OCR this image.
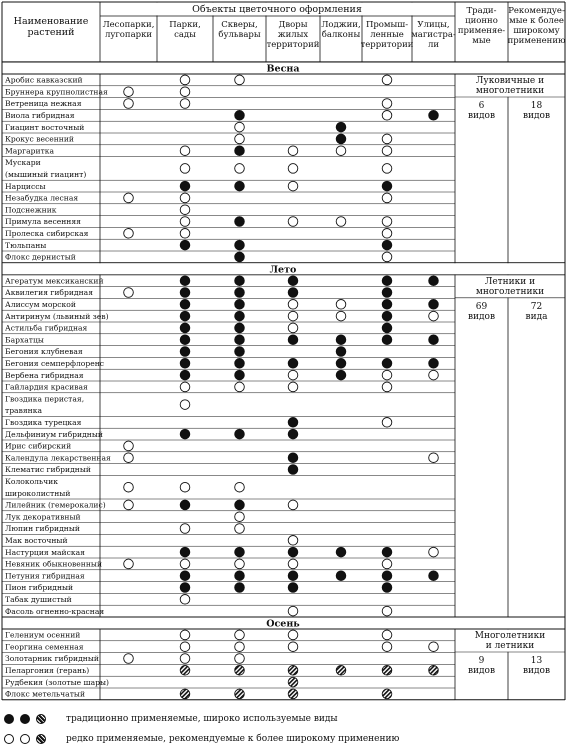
Наименование
растений
Объекты цветочного оформления
Лесопарки,
лугопарки
Парки,
сады
Скверы,
бульвары
Дворы
жилых
территорий
Лоджии,
балконы
Промыш-
ленные
территории
Улицы,
магистра-
ли
Тради-
ционно
применяе-
мые
Рекомендуе-
мые к более
широкому
применению
Весна
Аробис кавказский
Бруннера крупнолистная
Ветреница нежная
Виола гибридная
Гиацинт восточный
Крокус весенний
Маргаритка
Мускари
(мышиный гиацинт)
Нарциссы
Незабудка лесная
Подснежник
Примула весенняя
Пролеска сибирская
Тюльпаны
Флокс дернистый
Луковичные и
многолетники
6
видов
18
видов
Лето
Агератум мексиканский
Аквилегия гибридная
Алиссум морской
Антиринум (львиный зев)
Астильба гибридная
Бархатцы
Бегония клубневая
Бегония семперфлоренс
Вербена гибридная
Гайлардия красивая
Гвоздика перистая,
травянка
Гвоздика турецкая
Дельфиниум гибридный
Ирис сибирский
Календула лекарственная
Клематис гибридный
Колокольчик
широколистный
Лилейник (гемерокалис)
Лук декоративный
Люпин гибридный
Мак восточный
Настурция майская
Невяник обыкновенный
Петуния гибридная
Пион гибридный
Табак душистый
Фасоль огненно-красная
Летники и
многолетники
69
видов
72
вида
Осень
Гелениум осенний
Георгина семенная
Золотарник гибридный
Пеларгония (герань)
Рудбекия (золотые шары)
Флокс метельчатый
Многолетники
и летники
9
видов
13
видов
традиционно применяемые, широко используемые виды
редко применяемые, рекомендуемые к более широкому применению
